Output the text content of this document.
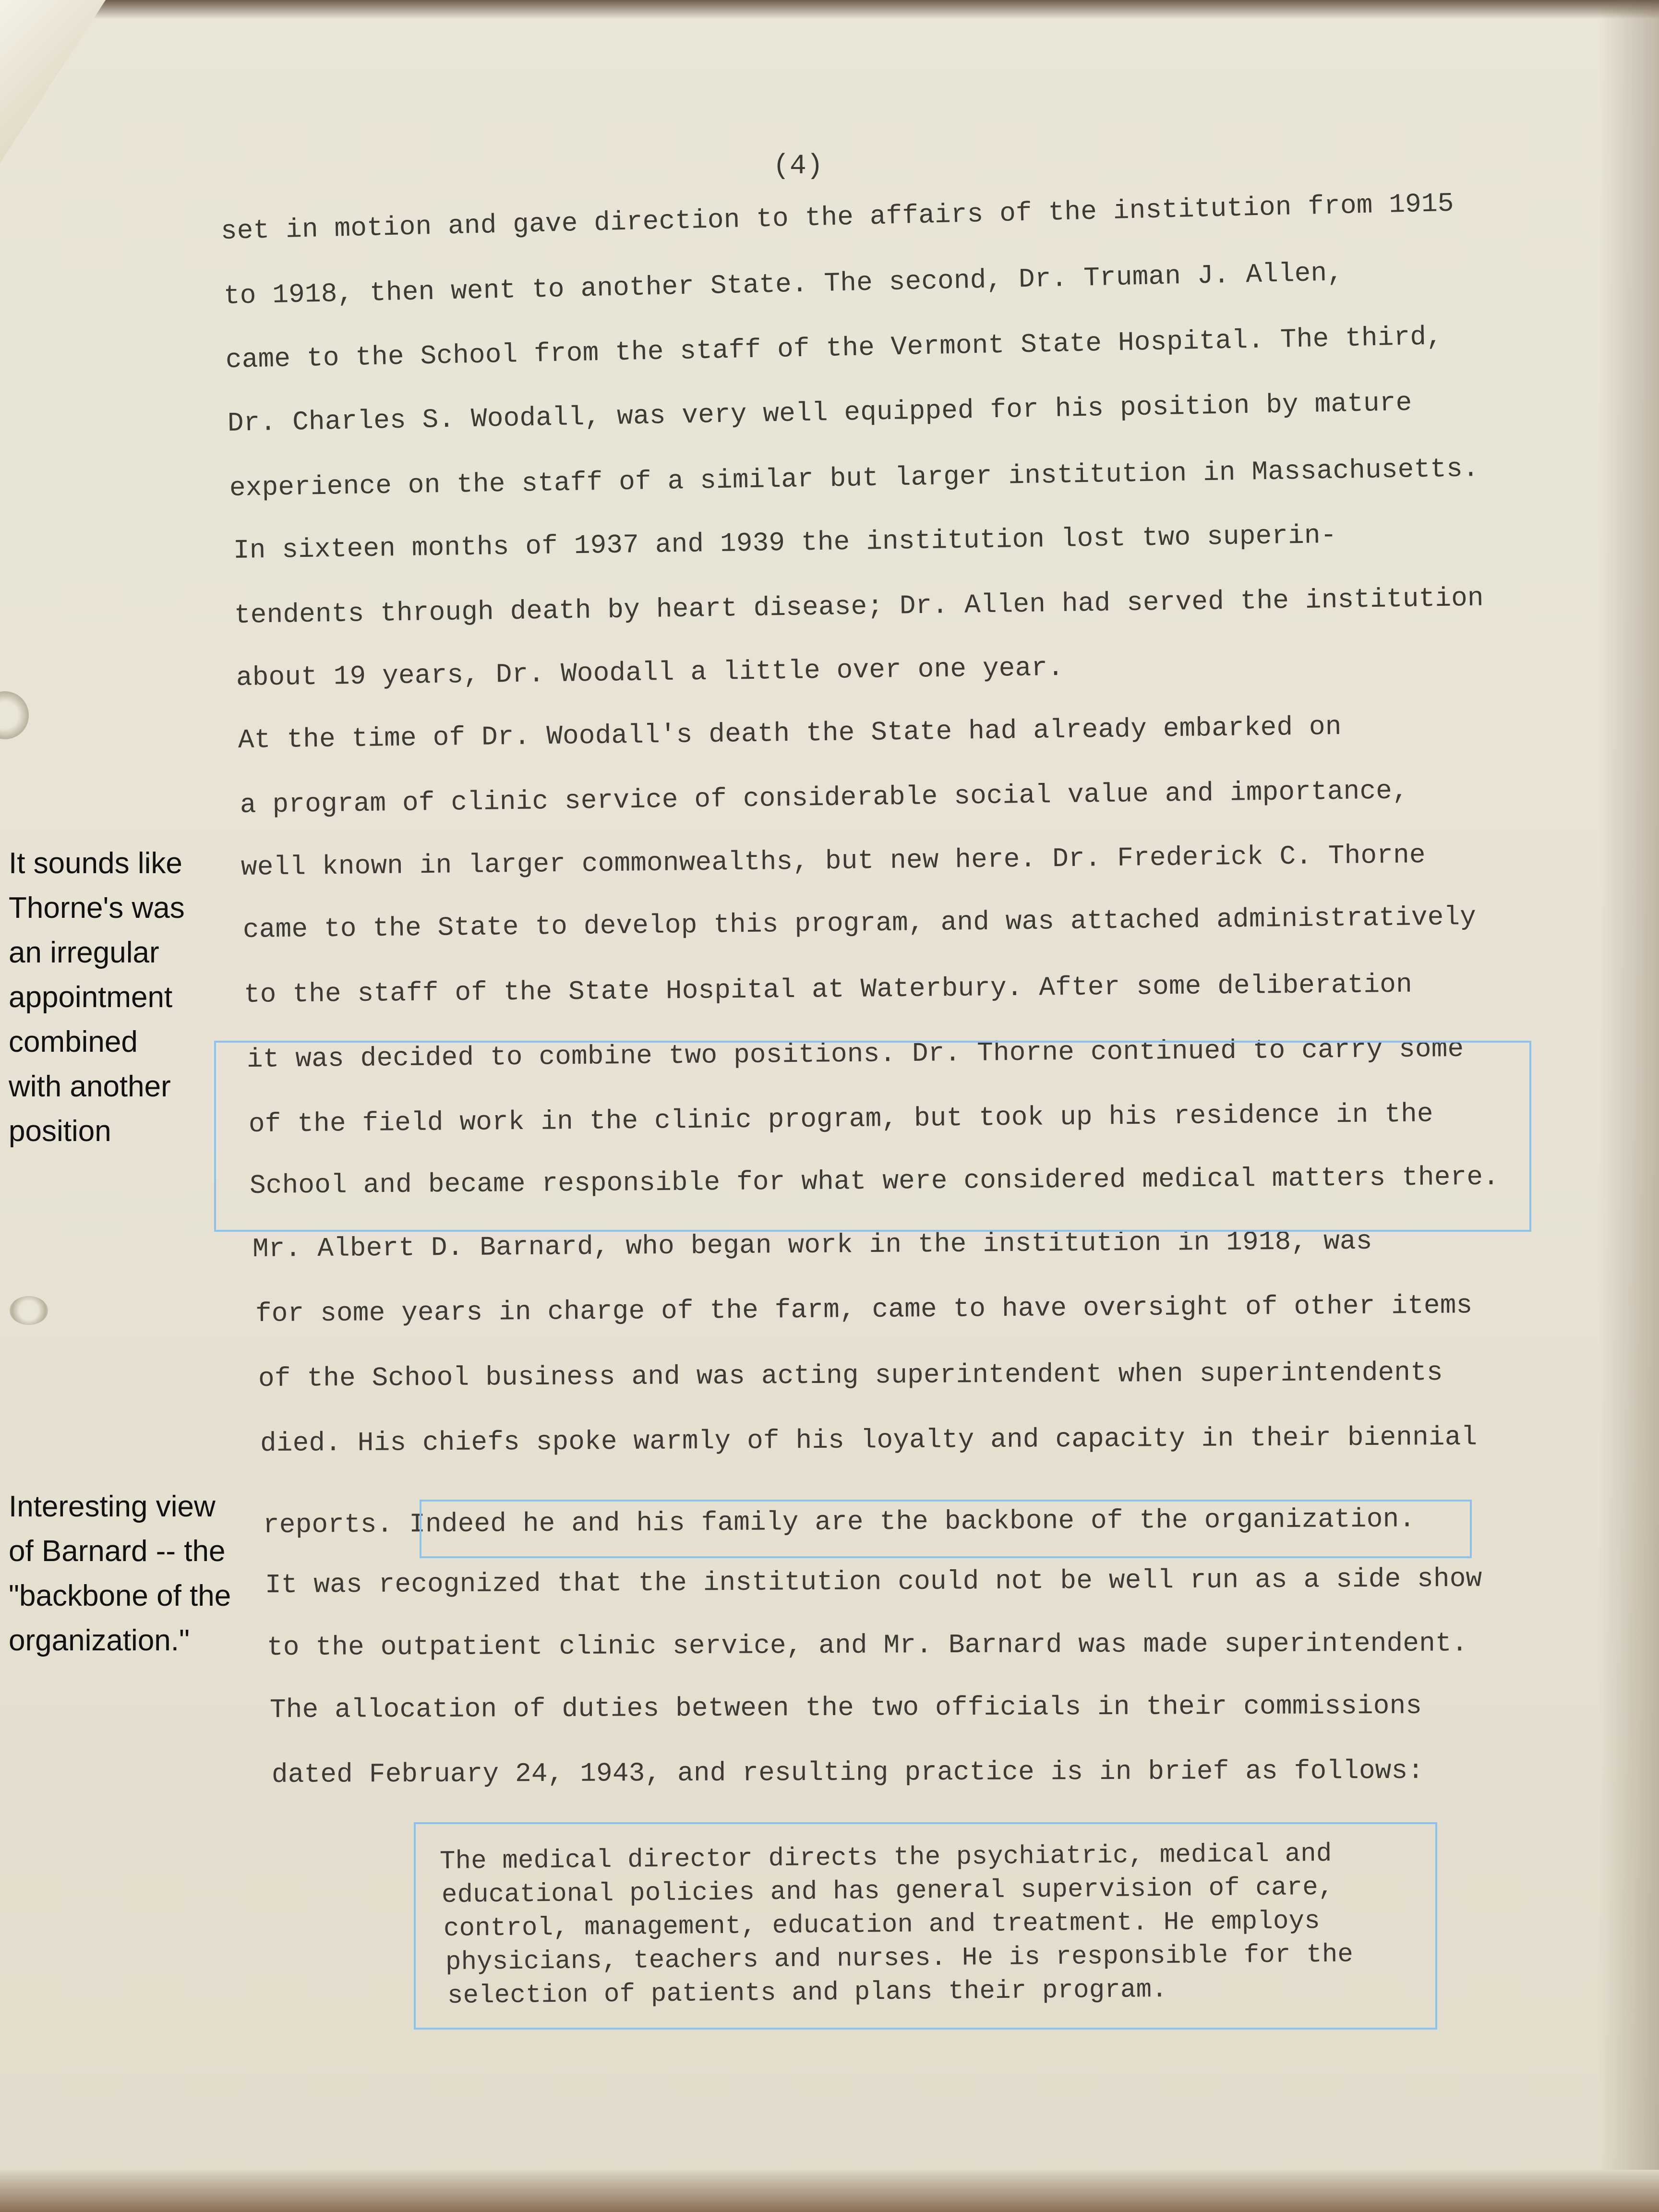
(4)
set in motion and gave direction to the affairs of the institution from 1915
to 1918, then went to another State. The second, Dr. Truman J. Allen,
came to the School from the staff of the Vermont State Hospital. The third,
Dr. Charles S. Woodall, was very well equipped for his position by mature
experience on the staff of a similar but larger institution in Massachusetts.
In sixteen months of 1937 and 1939 the institution lost two superin-
tendents through death by heart disease; Dr. Allen had served the institution
about 19 years, Dr. Woodall a little over one year.
At the time of Dr. Woodall's death the State had already embarked on
a program of clinic service of considerable social value and importance,
well known in larger commonwealths, but new here. Dr. Frederick C. Thorne
came to the State to develop this program, and was attached administratively
to the staff of the State Hospital at Waterbury. After some deliberation
it was decided to combine two positions. Dr. Thorne continued to carry some
of the field work in the clinic program, but took up his residence in the
School and became responsible for what were considered medical matters there.
Mr. Albert D. Barnard, who began work in the institution in 1918, was
for some years in charge of the farm, came to have oversight of other items
of the School business and was acting superintendent when superintendents
died. His chiefs spoke warmly of his loyalty and capacity in their biennial
reports. Indeed he and his family are the backbone of the organization.
It was recognized that the institution could not be well run as a side show
to the outpatient clinic service, and Mr. Barnard was made superintendent.
The allocation of duties between the two officials in their commissions
dated February 24, 1943, and resulting practice is in brief as follows:
The medical director directs the psychiatric, medical and
educational policies and has general supervision of care,
control, management, education and treatment. He employs
physicians, teachers and nurses. He is responsible for the
selection of patients and plans their program.
It sounds like
Thorne's was
an irregular
appointment
combined
with another
position
Interesting view
of Barnard -- the
"backbone of the
organization."
